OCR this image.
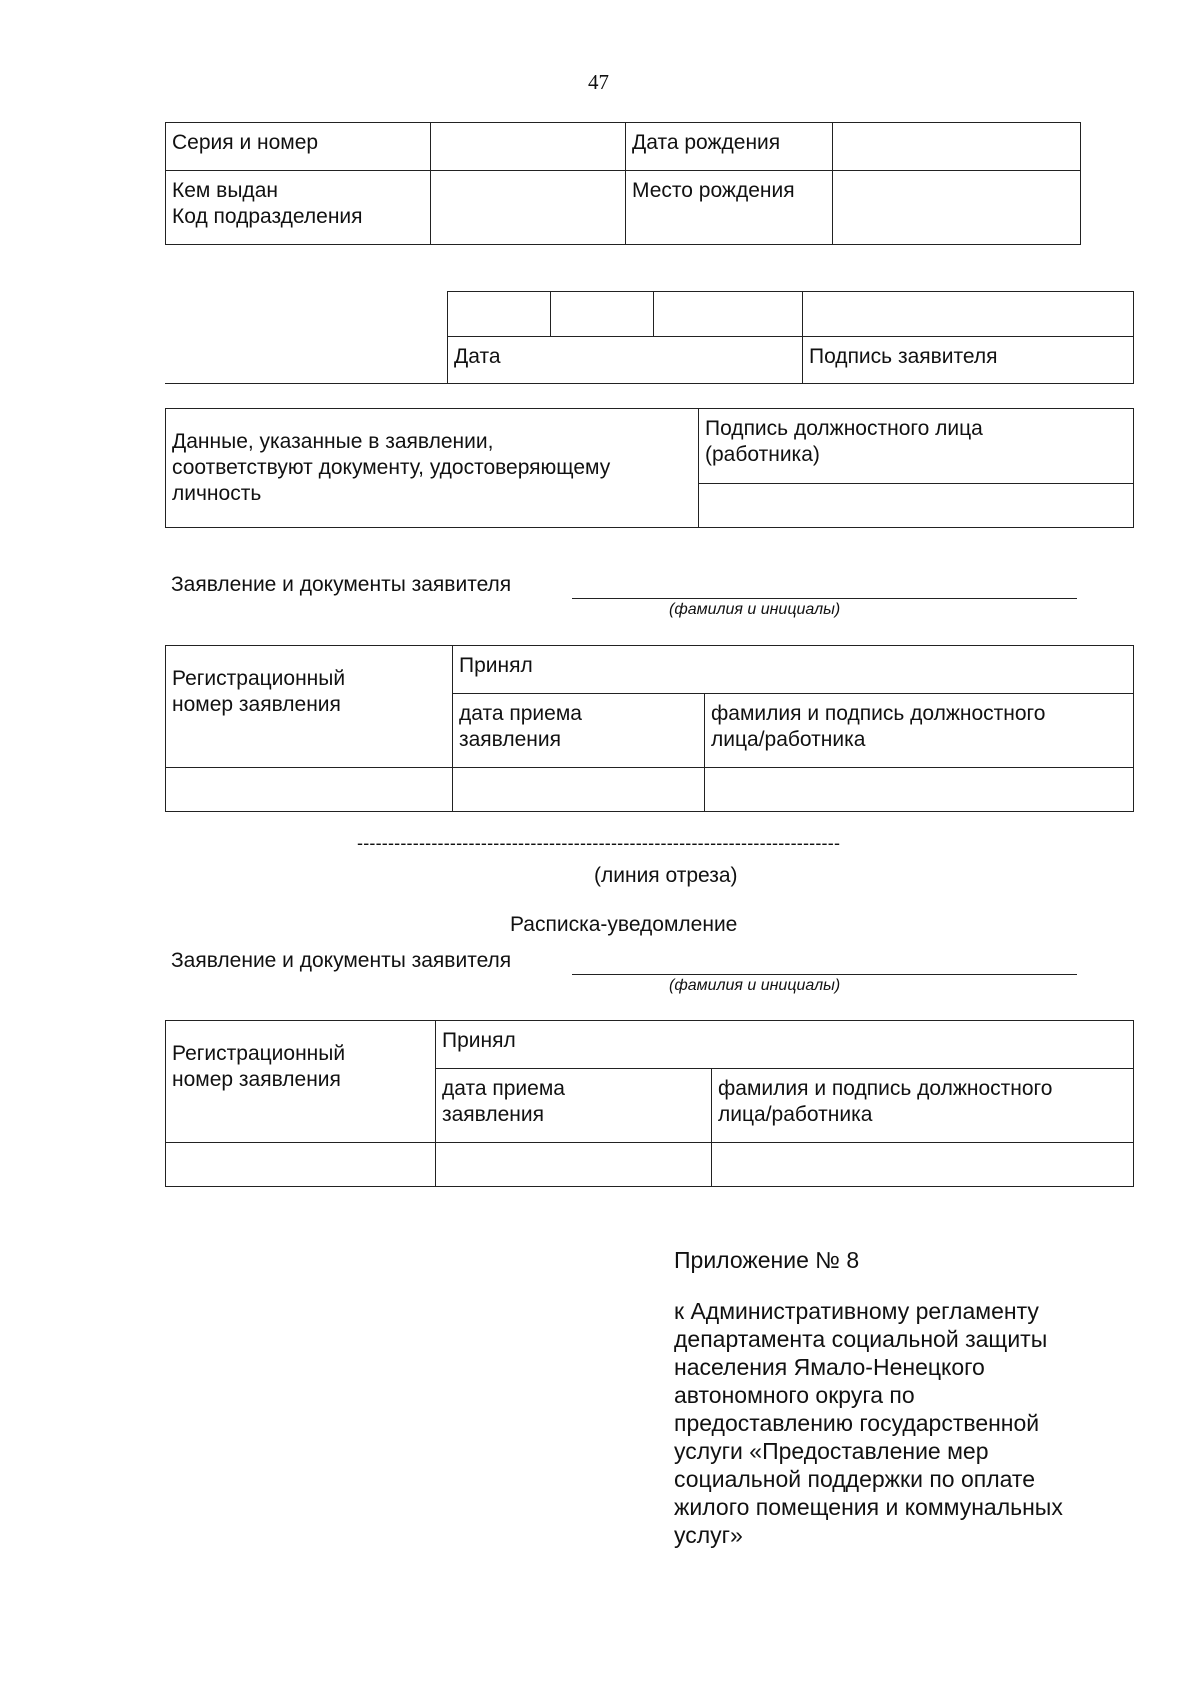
47
Серия и номер		Дата рождения	
Кем выдан
Код подразделения		Место рождения	

Дата			Подпись заявителя
Данные, указанные в заявлении,
соответствуют документу, удостоверяющему
личность	Подпись должностного лица
(работника)

Заявление и документы заявителя
(фамилия и инициалы)
Регистрационный
номер заявления	Принял	
	дата приема
заявления	фамилия и подпись должностного
лица/работника

------------------------------------------------------------------------------
(линия отреза)
Расписка-уведомление
Заявление и документы заявителя
(фамилия и инициалы)
Регистрационный
номер заявления	Принял	
	дата приема
заявления	фамилия и подпись должностного
лица/работника

Приложение № 8
к Административному регламенту
департамента социальной защиты
населения Ямало-Ненецкого
автономного округа по
предоставлению государственной
услуги «Предоставление мер
социальной поддержки по оплате
жилого помещения и коммунальных
услуг»
